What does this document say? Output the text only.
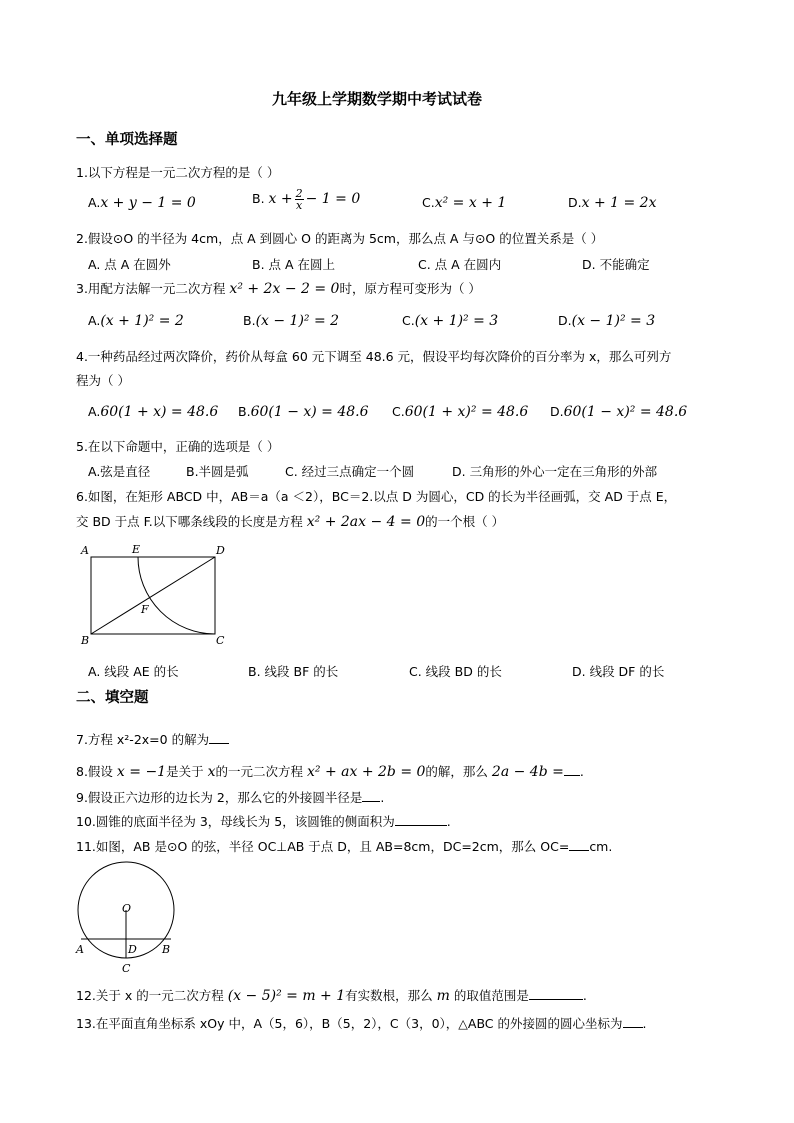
九年级上学期数学期中考试试卷
一、单项选择题
1.以下方程是一元二次方程的是（ ）
A.x + y − 1 = 0	B. $x + \frac{2}{x} - 1 = 0$	C.x² = x + 1	D.x + 1 = 2x
2.假设⊙O 的半径为 4cm，点 A 到圆心 O 的距离为 5cm，那么点 A 与⊙O 的位置关系是（ ）
A. 点 A 在圆外	B. 点 A 在圆上	C. 点 A 在圆内	D. 不能确定
3.用配方法解一元二次方程 x² + 2x − 2 = 0时，原方程可变形为（ ）
A.(x + 1)² = 2	B.(x − 1)² = 2	C.(x + 1)² = 3	D.(x − 1)² = 3
4.一种药品经过两次降价，药价从每盒 60 元下调至 48.6 元，假设平均每次降价的百分率为 x，那么可列方
程为（ ）
A.60(1 + x) = 48.6 B.60(1 − x) = 48.6 C.60(1 + x)² = 48.6 D.60(1 − x)² = 48.6
5.在以下命题中，正确的选项是（ ）
A.弦是直径	B.半圆是弧	C. 经过三点确定一个圆	D. 三角形的外心一定在三角形的外部
6.如图，在矩形 ABCD 中，AB＝a（a ＜2），BC＝2.以点 D 为圆心，CD 的长为半径画弧，交 AD 于点 E，
交 BD 于点 F.以下哪条线段的长度是方程 x² + 2ax − 4 = 0的一个根（ ）
A	E	D
F
B	C
A. 线段 AE 的长	B. 线段 BF 的长	C. 线段 BD 的长	D. 线段 DF 的长
二、填空题
7.方程 x²-2x=0 的解为
8.假设 x = −1是关于 x的一元二次方程 x² + ax + 2b = 0的解，那么 2a − 4b = .
9.假设正六边形的边长为 2，那么它的外接圆半径是 .
10.圆锥的底面半径为 3，母线长为 5，该圆锥的侧面积为	.
11.如图，AB 是⊙O 的弦，半径 OC⊥AB 于点 D，且 AB=8cm，DC=2cm，那么 OC= cm.
O
A	D B
C
12.关于 x 的一元二次方程 (x − 5)² = m + 1有实数根，那么 m 的取值范围是	.
13.在平面直角坐标系 xOy 中，A（5，6），B（5，2），C（3，0），△ABC 的外接圆的圆心坐标为 .
